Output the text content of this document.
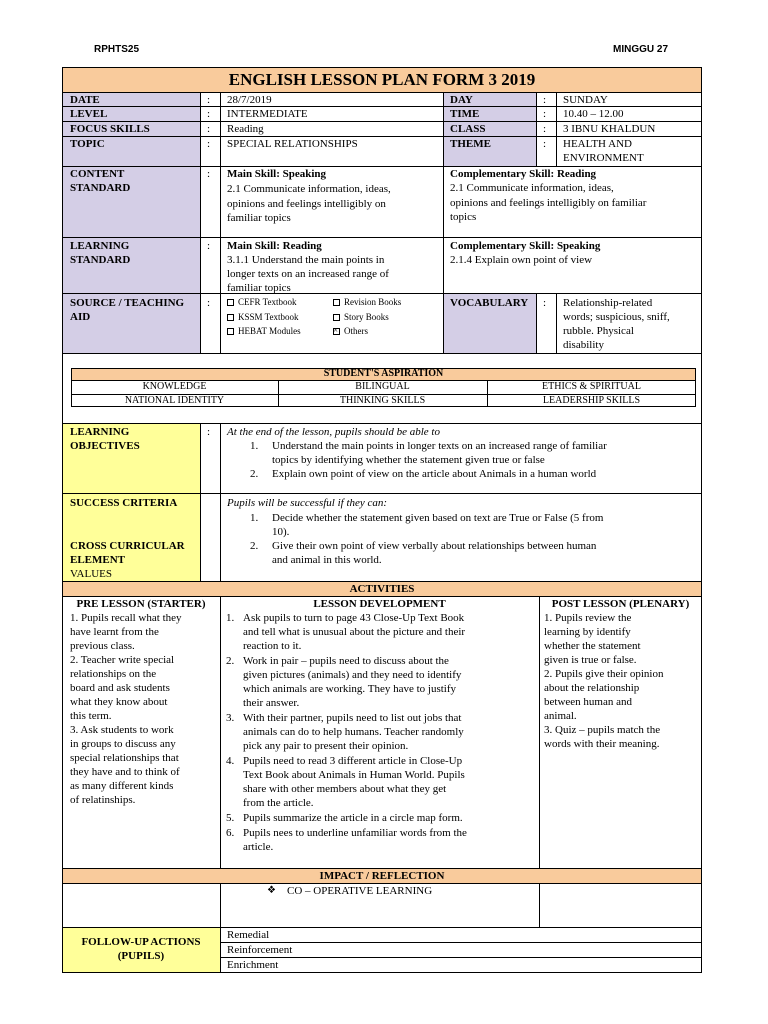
RPHTS25	MINGGU 27
ENGLISH LESSON PLAN FORM 3 2019
DATE	: 28/7/2019	DAY	: SUNDAY
LEVEL	: INTERMEDIATE	TIME	: 10.40 – 12.00
FOCUS SKILLS	: Reading	CLASS	: 3 IBNU KHALDUN
TOPIC	: SPECIAL RELATIONSHIPS	THEME	: HEALTH AND
ENVIRONMENT
CONTENT
STANDARD
: Main Skill: Speaking
2.1 Communicate information, ideas,
opinions and feelings intelligibly on
familiar topics
Complementary Skill: Reading
2.1 Communicate information, ideas,
opinions and feelings intelligibly on familiar
topics
LEARNING
STANDARD
: Main Skill: Reading
3.1.1 Understand the main points in
longer texts on an increased range of
familiar topics
Complementary Skill: Speaking
2.1.4 Explain own point of view
SOURCE / TEACHING
AID
:	CEFR Textbook	Revision Books
KSSM Textbook	Story Books
HEBAT Modules
×	Others
VOCABULARY : Relationship-related
words; suspicious, sniff,
rubble. Physical
disability
STUDENT'S ASPIRATION
KNOWLEDGE	BILINGUAL	ETHICS & SPIRITUAL
NATIONAL IDENTITY	THINKING SKILLS	LEADERSHIP SKILLS
LEARNING
OBJECTIVES
: At the end of the lesson, pupils should be able to
1. Understand the main points in longer texts on an increased range of familiar
topics by identifying whether the statement given true or false
2. Explain own point of view on the article about Animals in a human world
SUCCESS CRITERIA
CROSS CURRICULAR
ELEMENT
VALUES
Pupils will be successful if they can:
1. Decide whether the statement given based on text are True or False (5 from
10).
2. Give their own point of view verbally about relationships between human
and animal in this world.
ACTIVITIES
PRE LESSON (STARTER)
1. Pupils recall what they
have learnt from the
previous class.
2. Teacher write special
relationships on the
board and ask students
what they know about
this term.
3. Ask students to work
in groups to discuss any
special relationships that
they have and to think of
as many different kinds
of relatinships.
LESSON DEVELOPMENT
1. Ask pupils to turn to page 43 Close-Up Text Book
and tell what is unusual about the picture and their
reaction to it.
2. Work in pair – pupils need to discuss about the
given pictures (animals) and they need to identify
which animals are working. They have to justify
their answer.
3. With their partner, pupils need to list out jobs that
animals can do to help humans. Teacher randomly
pick any pair to present their opinion.
4. Pupils need to read 3 different article in Close-Up
Text Book about Animals in Human World. Pupils
share with other members about what they get
from the article.
5. Pupils summarize the article in a circle map form.
6. Pupils nees to underline unfamiliar words from the
article.
POST LESSON (PLENARY)
1. Pupils review the
learning by identify
whether the statement
given is true or false.
2. Pupils give their opinion
about the relationship
between human and
animal.
3. Quiz – pupils match the
words with their meaning.
IMPACT / REFLECTION
❖ CO – OPERATIVE LEARNING
FOLLOW-UP ACTIONS
(PUPILS)
Remedial
Reinforcement
Enrichment
